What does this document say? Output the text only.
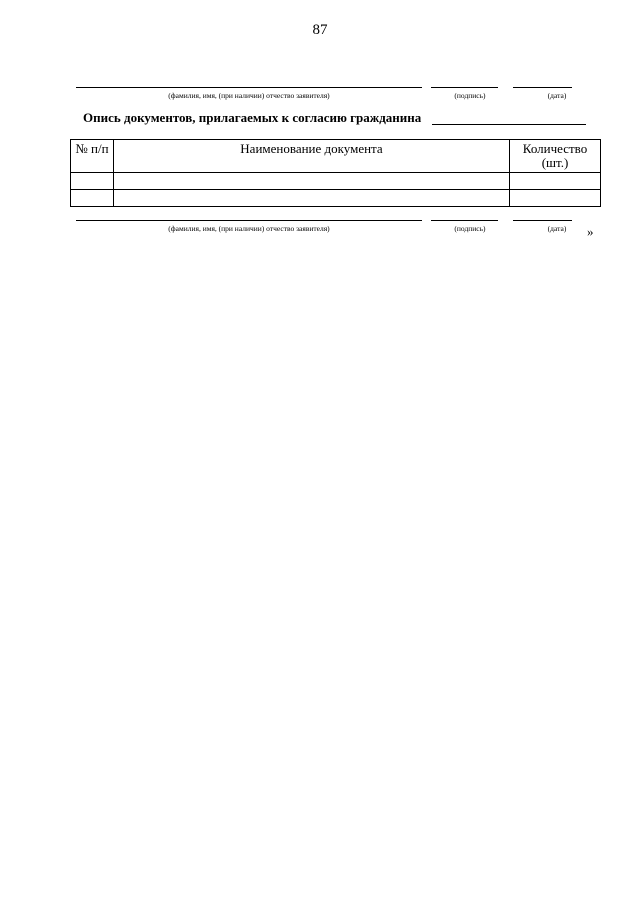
87
(фамилия, имя, (при наличии) отчество заявителя)	(подпись)	(дата)
Опись документов, прилагаемых к согласию гражданина
№ п/п	Наименование документа	Количество (шт.)

(фамилия, имя, (при наличии) отчество заявителя)	(подпись)	(дата)	»
